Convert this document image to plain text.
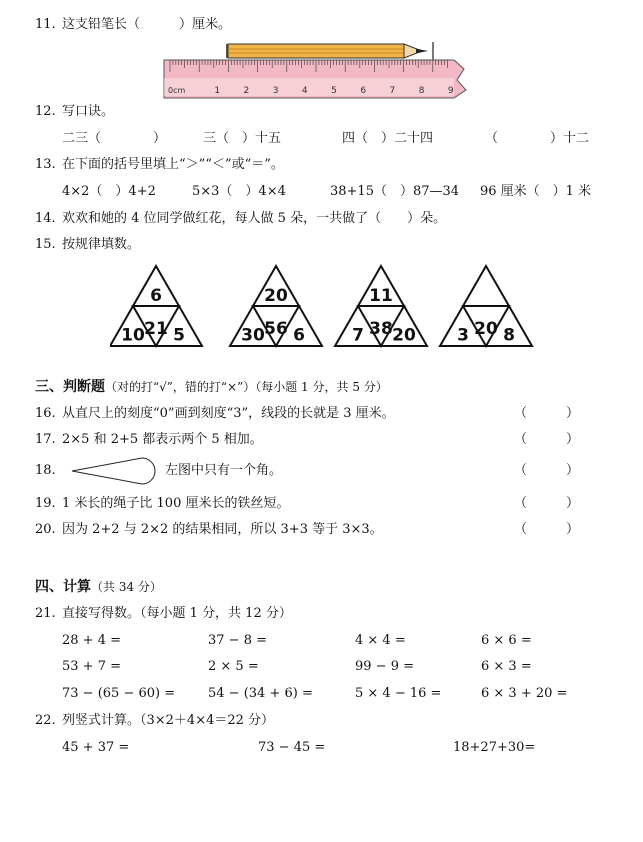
11. 这支铅笔长（　　　）厘米。
0cm	1	2	3	4	5	6	7	8	9
12. 写口诀。
二三（　　　　）	三（　）十五	四（　）二十四	（　　　　）十二
13. 在下面的括号里填上“＞”“＜”或“＝”。
4×2（　）4+2	5×3（　）4×4	38+15（　）87—34 96 厘米（　）1 米
14. 欢欢和她的 4 位同学做红花，每人做 5 朵，一共做了（　　）朵。
15. 按规律填数。
6
21
10 5
20
56
30 6
11
38
7 20	20
3 8
三、判断题（对的打“√”，错的打“×”）（每小题 1 分，共 5 分）
16. 从直尺上的刻度“0”画到刻度“3”，线段的长就是 3 厘米。	（　　　）
17. 2×5 和 2+5 都表示两个 5 相加。	（　　　）
18.	左图中只有一个角。	（　　　）
19. 1 米长的绳子比 100 厘米长的铁丝短。	（　　　）
20. 因为 2+2 与 2×2 的结果相同，所以 3+3 等于 3×3。	（　　　）
四、计算（共 34 分）
21. 直接写得数。（每小题 1 分，共 12 分）
28 + 4 =	37 − 8 =	4 × 4 =	6 × 6 =
53 + 7 =	2 × 5 =	99 − 9 =	6 × 3 =
73 − (65 − 60) =	54 − (34 + 6) =	5 × 4 − 16 =	6 × 3 + 20 =
22. 列竖式计算。（3×2＋4×4＝22 分）
45 + 37 =	73 − 45 =	18+27+30=
